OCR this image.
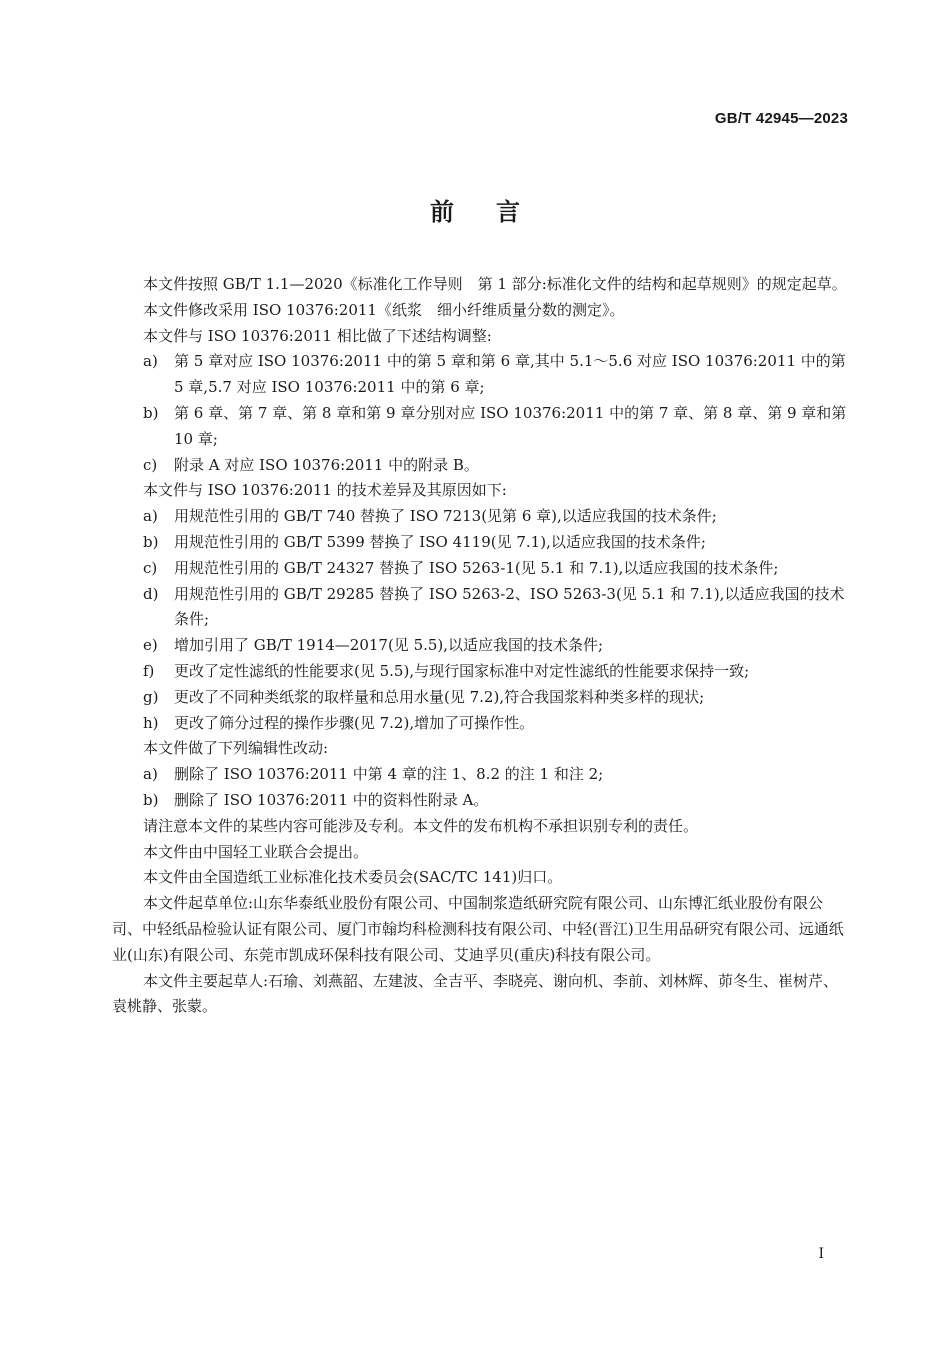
GB/T 42945—2023
前言

本文件按照 GB/T 1.1—2020《标准化工作导则　第 1 部分:标准化文件的结构和起草规则》的规定起草。

本文件修改采用 ISO 10376:2011《纸浆　细小纤维质量分数的测定》。

本文件与 ISO 10376:2011 相比做了下述结构调整:

a) 第 5 章对应 ISO 10376:2011 中的第 5 章和第 6 章,其中 5.1～5.6 对应 ISO 10376:2011 中的第 5 章,5.7 对应 ISO 10376:2011 中的第 6 章;
b) 第 6 章、第 7 章、第 8 章和第 9 章分别对应 ISO 10376:2011 中的第 7 章、第 8 章、第 9 章和第 10 章;
c) 附录 A 对应 ISO 10376:2011 中的附录 B。

本文件与 ISO 10376:2011 的技术差异及其原因如下:

a) 用规范性引用的 GB/T 740 替换了 ISO 7213(见第 6 章),以适应我国的技术条件;
b) 用规范性引用的 GB/T 5399 替换了 ISO 4119(见 7.1),以适应我国的技术条件;
c) 用规范性引用的 GB/T 24327 替换了 ISO 5263-1(见 5.1 和 7.1),以适应我国的技术条件;
d) 用规范性引用的 GB/T 29285 替换了 ISO 5263-2、ISO 5263-3(见 5.1 和 7.1),以适应我国的技术条件;
e) 增加引用了 GB/T 1914—2017(见 5.5),以适应我国的技术条件;
f) 更改了定性滤纸的性能要求(见 5.5),与现行国家标准中对定性滤纸的性能要求保持一致;
g) 更改了不同种类纸浆的取样量和总用水量(见 7.2),符合我国浆料种类多样的现状;
h) 更改了筛分过程的操作步骤(见 7.2),增加了可操作性。

本文件做了下列编辑性改动:

a) 删除了 ISO 10376:2011 中第 4 章的注 1、8.2 的注 1 和注 2;
b) 删除了 ISO 10376:2011 中的资料性附录 A。

请注意本文件的某些内容可能涉及专利。本文件的发布机构不承担识别专利的责任。

本文件由中国轻工业联合会提出。

本文件由全国造纸工业标准化技术委员会(SAC/TC 141)归口。

本文件起草单位:山东华泰纸业股份有限公司、中国制浆造纸研究院有限公司、山东博汇纸业股份有限公司、中轻纸品检验认证有限公司、厦门市翰均科检测科技有限公司、中轻(晋江)卫生用品研究有限公司、远通纸业(山东)有限公司、东莞市凯成环保科技有限公司、艾迪孚贝(重庆)科技有限公司。

本文件主要起草人:石瑜、刘燕韶、左建波、全吉平、李晓亮、谢向机、李前、刘林辉、茆冬生、崔树芹、袁桃静、张蒙。

I
